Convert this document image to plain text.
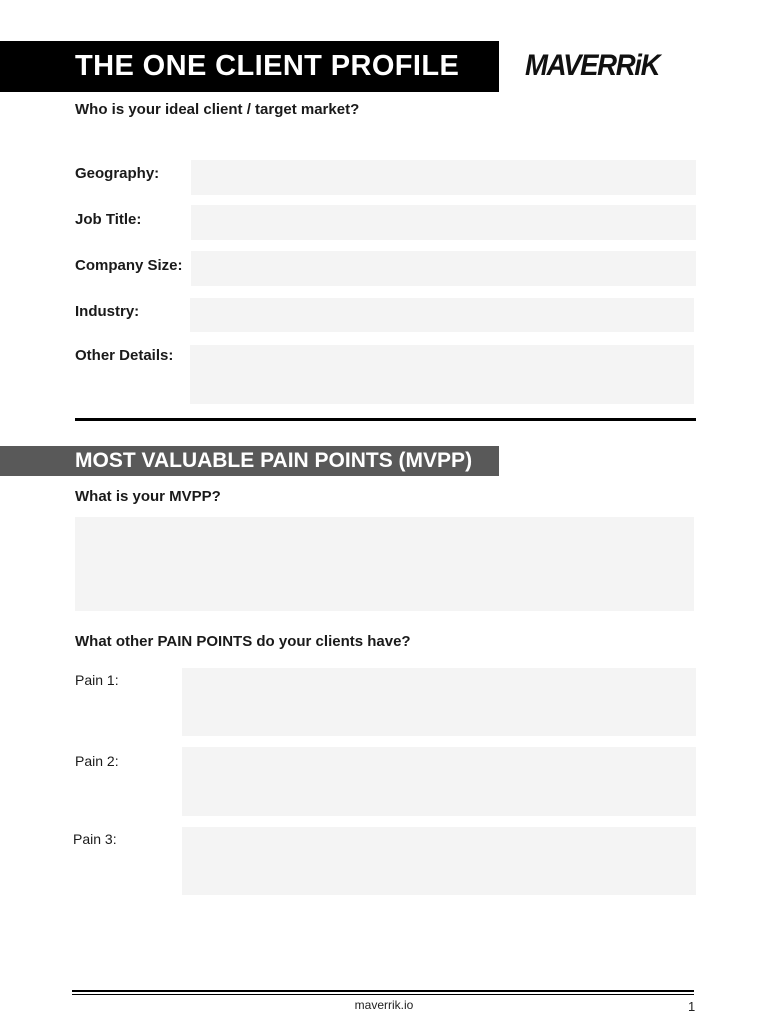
THE ONE CLIENT PROFILE MAVERRiK
Who is your ideal client / target market?
Geography:
Job Title:
Company Size:
Industry:
Other Details:
MOST VALUABLE PAIN POINTS (MVPP)
What is your MVPP?
What other PAIN POINTS do your clients have?
Pain 1:
Pain 2:
Pain 3:
maverrik.io	1
